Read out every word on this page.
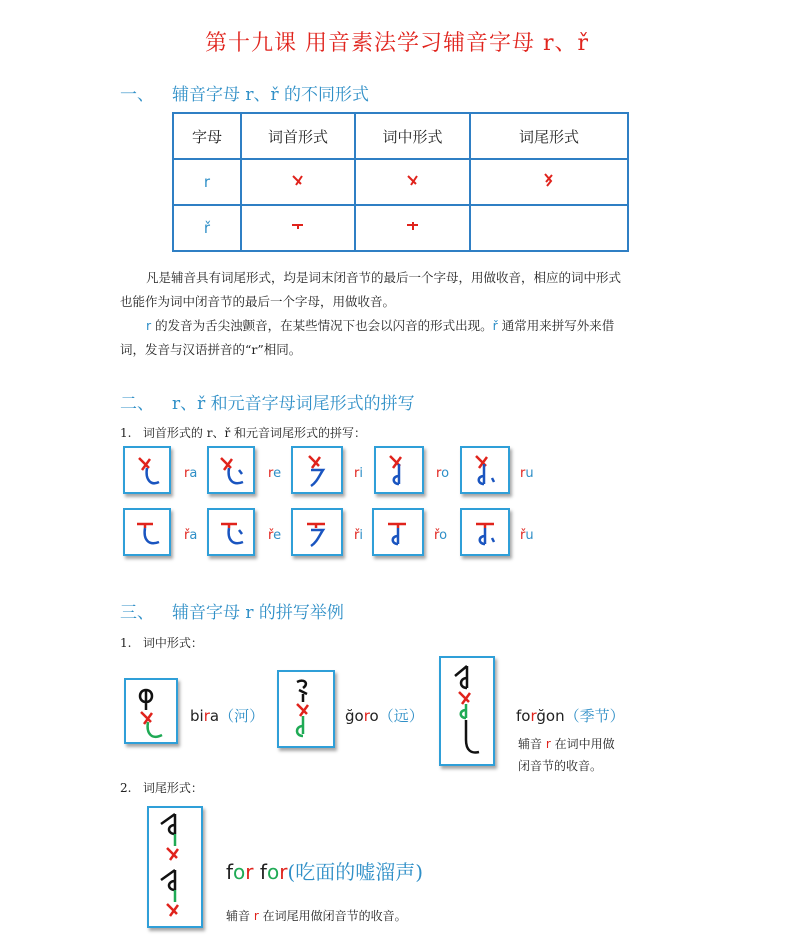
第十九课 用音素法学习辅音字母 r、ř
一、 辅音字母 r、ř 的不同形式
字母	词首形式	词中形式	词尾形式
r			
ř			
凡是辅音具有词尾形式，均是词末闭音节的最后一个字母，用做收音，相应的词中形式
也能作为词中闭音节的最后一个字母，用做收音。
r 的发音为舌尖浊颤音，在某些情况下也会以闪音的形式出现。ř 通常用来拼写外来借
词，发音与汉语拼音的“r”相同。
二、 r、ř 和元音字母词尾形式的拼写
1.   词首形式的 r、ř 和元音词尾形式的拼写：
ra	re	ri	ro	ru
řa	ře	ři	řo	řu
三、 辅音字母 r 的拼写举例
1.   词中形式：
bira（河）	ğoro（远）	forğon（季节）
辅音 r 在词中用做
闭音节的收音。
2.   词尾形式：
for for(吃面的嘘溜声)
辅音 r 在词尾用做闭音节的收音。
